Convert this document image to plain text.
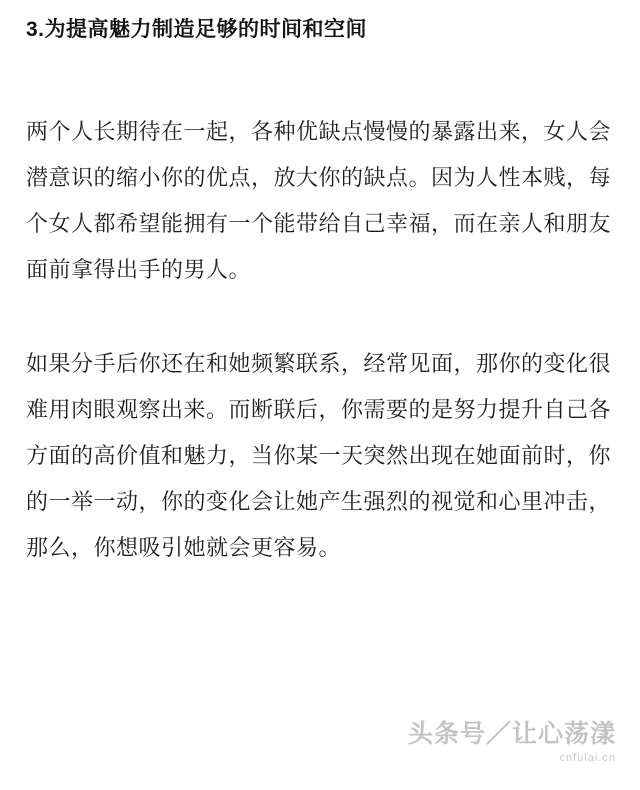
3.为提高魅力制造足够的时间和空间

两个人长期待在一起，各种优缺点慢慢的暴露出来，女人会潜意识的缩小你的优点，放大你的缺点。因为人性本贱，每个女人都希望能拥有一个能带给自己幸福，而在亲人和朋友面前拿得出手的男人。

如果分手后你还在和她频繁联系，经常见面，那你的变化很难用肉眼观察出来。而断联后，你需要的是努力提升自己各方面的高价值和魅力，当你某一天突然出现在她面前时，你的一举一动，你的变化会让她产生强烈的视觉和心里冲击，那么，你想吸引她就会更容易。

头条号／让心荡漾
cnfulai.cn
